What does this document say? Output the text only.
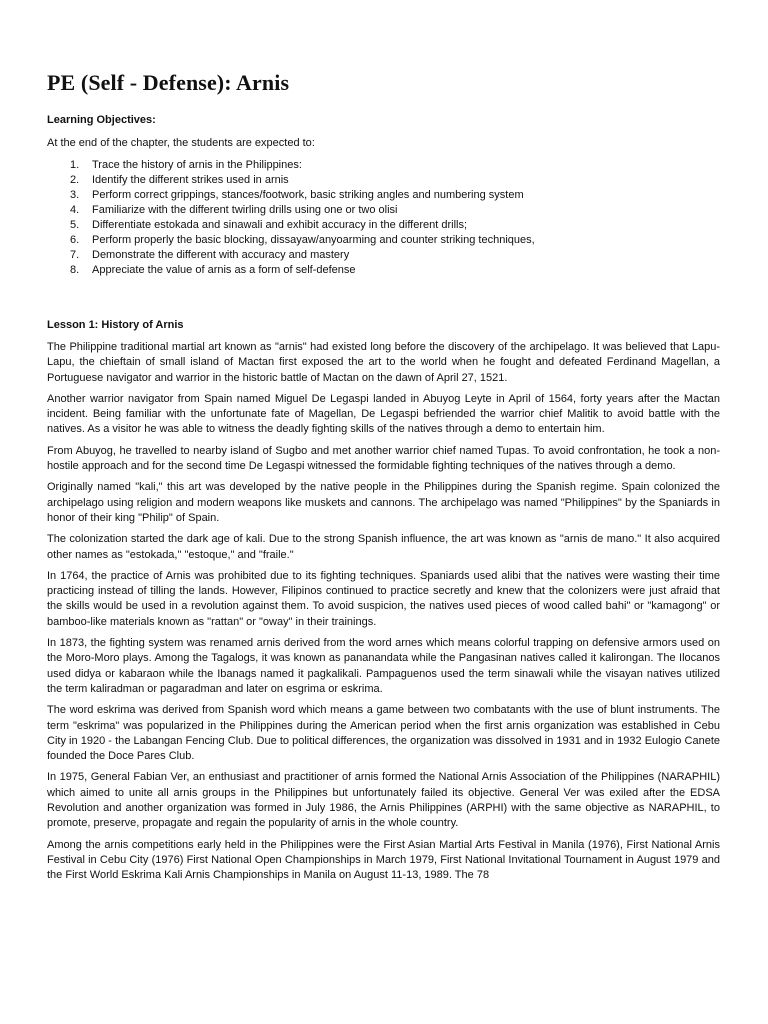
PE (Self - Defense): Arnis
Learning Objectives:
At the end of the chapter, the students are expected to:
1.	Trace the history of arnis in the Philippines:
2.	Identify the different strikes used in arnis
3.	Perform correct grippings, stances/footwork, basic striking angles and numbering system
4.	Familiarize with the different twirling drills using one or two olisi
5.	Differentiate estokada and sinawali and exhibit accuracy in the different drills;
6.	Perform properly the basic blocking, dissayaw/anyoarming and counter striking techniques,
7.	Demonstrate the different with accuracy and mastery
8.	Appreciate the value of arnis as a form of self-defense
Lesson 1: History of Arnis

The Philippine traditional martial art known as "arnis" had existed long before the discovery of the archipelago. It was believed that Lapu-Lapu, the chieftain of small island of Mactan first exposed the art to the world when he fought and defeated Ferdinand Magellan, a Portuguese navigator and warrior in the historic battle of Mactan on the dawn of April 27, 1521.

Another warrior navigator from Spain named Miguel De Legaspi landed in Abuyog Leyte in April of 1564, forty years after the Mactan incident. Being familiar with the unfortunate fate of Magellan, De Legaspi befriended the warrior chief Malitik to avoid battle with the natives. As a visitor he was able to witness the deadly fighting skills of the natives through a demo to entertain him.

From Abuyog, he travelled to nearby island of Sugbo and met another warrior chief named Tupas. To avoid confrontation, he took a non- hostile approach and for the second time De Legaspi witnessed the formidable fighting techniques of the natives through a demo.

Originally named "kali," this art was developed by the native people in the Philippines during the Spanish regime. Spain colonized the archipelago using religion and modern weapons like muskets and cannons. The archipelago was named "Philippines" by the Spaniards in honor of their king "Philip" of Spain.

The colonization started the dark age of kali. Due to the strong Spanish influence, the art was known as "arnis de mano." It also acquired other names as "estokada," "estoque," and "fraile."

In 1764, the practice of Arnis was prohibited due to its fighting techniques. Spaniards used alibi that the natives were wasting their time practicing instead of tilling the lands. However, Filipinos continued to practice secretly and knew that the colonizers were just afraid that the skills would be used in a revolution against them. To avoid suspicion, the natives used pieces of wood called bahi" or "kamagong" or bamboo-like materials known as "rattan" or "oway" in their trainings.

In 1873, the fighting system was renamed arnis derived from the word arnes which means colorful trapping on defensive armors used on the Moro-Moro plays. Among the Tagalogs, it was known as pananandata while the Pangasinan natives called it kalirongan. The Ilocanos used didya or kabaraon while the Ibanags named it pagkalikali. Pampaguenos used the term sinawali while the visayan natives utilized the term kaliradman or pagaradman and later on esgrima or eskrima.

The word eskrima was derived from Spanish word which means a game between two combatants with the use of blunt instruments. The term "eskrima" was popularized in the Philippines during the American period when the first arnis organization was established in Cebu City in 1920 - the Labangan Fencing Club. Due to political differences, the organization was dissolved in 1931 and in 1932 Eulogio Canete founded the Doce Pares Club.

In 1975, General Fabian Ver, an enthusiast and practitioner of arnis formed the National Arnis Association of the Philippines (NARAPHIL) which aimed to unite all arnis groups in the Philippines but unfortunately failed its objective. General Ver was exiled after the EDSA Revolution and another organization was formed in July 1986, the Arnis Philippines (ARPHI) with the same objective as NARAPHIL, to promote, preserve, propagate and regain the popularity of arnis in the whole country.

Among the arnis competitions early held in the Philippines were the First Asian Martial Arts Festival in Manila (1976), First National Arnis Festival in Cebu City (1976) First National Open Championships in March 1979, First National Invitational Tournament in August 1979 and the First World Eskrima Kali Arnis Championships in Manila on August 11-13, 1989. The 78
